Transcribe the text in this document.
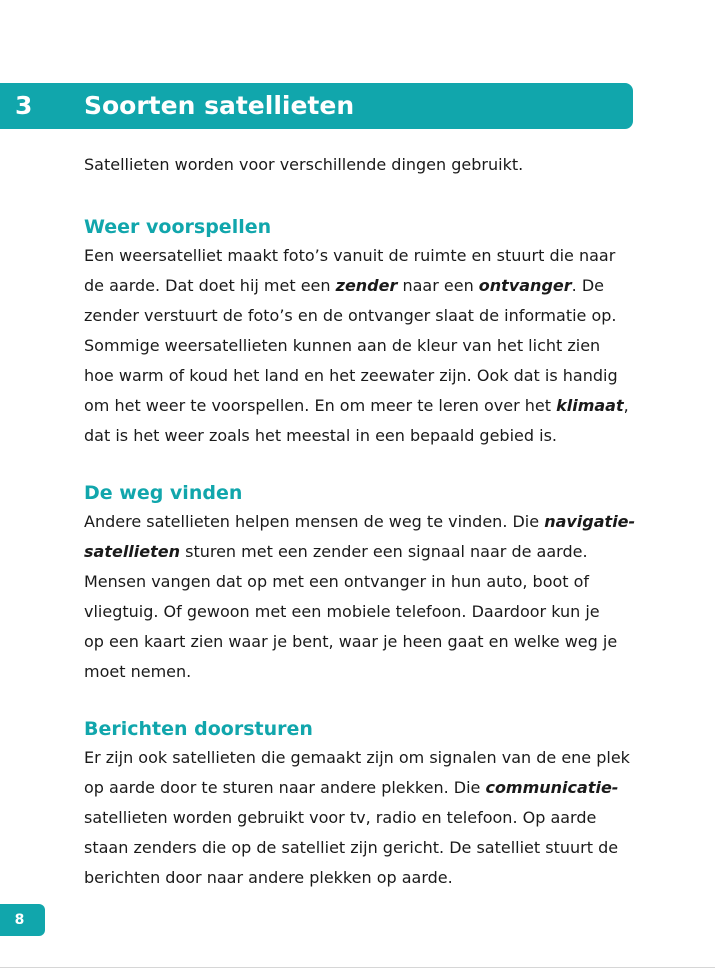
3 Soorten satellieten

Satellieten worden voor verschillende dingen gebruikt.

Weer voorspellen
Een weersatelliet maakt foto’s vanuit de ruimte en stuurt die naar
de aarde. Dat doet hij met een zender naar een ontvanger. De
zender verstuurt de foto’s en de ontvanger slaat de informatie op.
Sommige weersatellieten kunnen aan de kleur van het licht zien
hoe warm of koud het land en het zeewater zijn. Ook dat is handig
om het weer te voorspellen. En om meer te leren over het klimaat,
dat is het weer zoals het meestal in een bepaald gebied is.
De weg vinden
Andere satellieten helpen mensen de weg te vinden. Die navigatie-
satellieten sturen met een zender een signaal naar de aarde.
Mensen vangen dat op met een ontvanger in hun auto, boot of
vliegtuig. Of gewoon met een mobiele telefoon. Daardoor kun je
op een kaart zien waar je bent, waar je heen gaat en welke weg je
moet nemen.
Berichten doorsturen
Er zijn ook satellieten die gemaakt zijn om signalen van de ene plek
op aarde door te sturen naar andere plekken. Die communicatie-
satellieten worden gebruikt voor tv, radio en telefoon. Op aarde
staan zenders die op de satelliet zijn gericht. De satelliet stuurt de
berichten door naar andere plekken op aarde.
8
